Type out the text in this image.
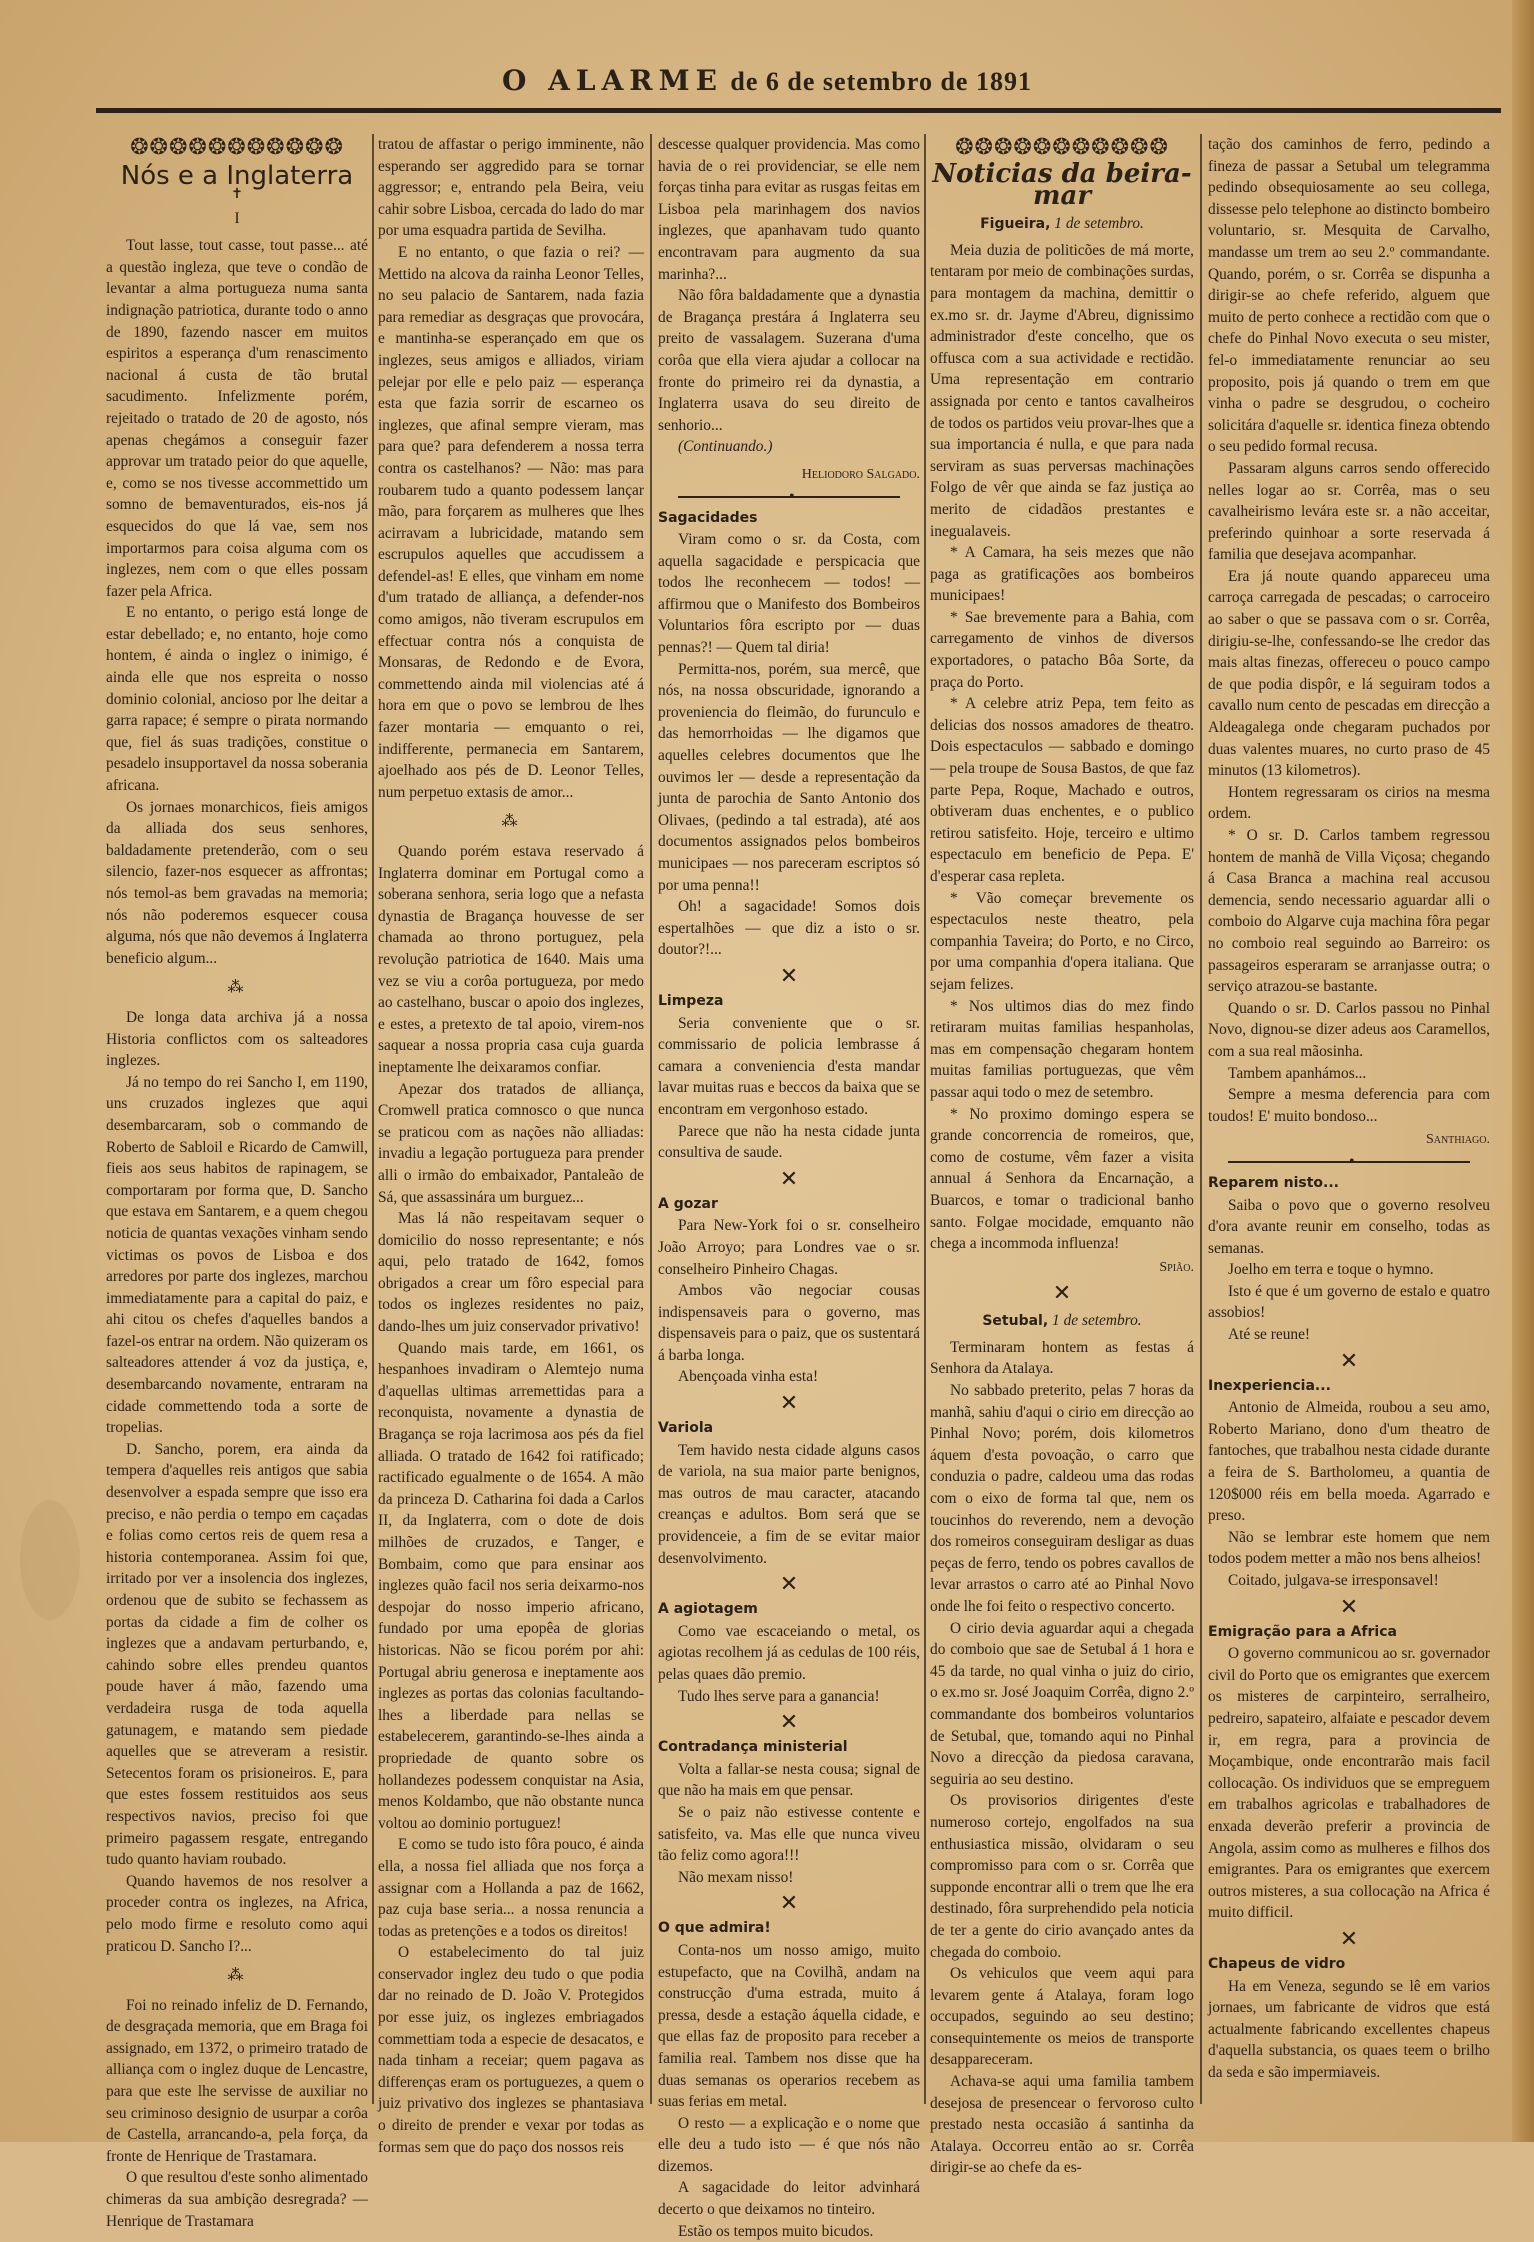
O ALARME de 6 de setembro de 1891
❂❂❂❂❂❂❂❂❂❂❂
Nós e a Inglaterra
✝
I

Tout lasse, tout casse, tout passe... até a questão ingleza, que teve o condão de levantar a alma portugueza numa santa indignação patriotica, durante todo o anno de 1890, fazendo nascer em muitos espiritos a esperança d'um renascimento nacional á custa de tão brutal sacudimento. Infelizmente porém, rejeitado o tratado de 20 de agosto, nós apenas chegámos a conseguir fazer approvar um tratado peior do que aquelle, e, como se nos tivesse accommettido um somno de bemaventurados, eis-nos já esquecidos do que lá vae, sem nos importarmos para coisa alguma com os inglezes, nem com o que elles possam fazer pela Africa.

E no entanto, o perigo está longe de estar debellado; e, no entanto, hoje como hontem, é ainda o inglez o inimigo, é ainda elle que nos espreita o nosso dominio colonial, ancioso por lhe deitar a garra rapace; é sempre o pirata normando que, fiel ás suas tradições, constitue o pesadelo insupportavel da nossa soberania africana.

Os jornaes monarchicos, fieis amigos da alliada dos seus senhores, baldadamente pretenderão, com o seu silencio, fazer-nos esquecer as affrontas; nós temol-as bem gravadas na memoria; nós não poderemos esquecer cousa alguma, nós que não devemos á Inglaterra beneficio algum...

⁂

De longa data archiva já a nossa Historia conflictos com os salteadores inglezes.

Já no tempo do rei Sancho I, em 1190, uns cruzados inglezes que aqui desembarcaram, sob o commando de Roberto de Sabloil e Ricardo de Camwill, fieis aos seus habitos de rapinagem, se comportaram por forma que, D. Sancho que estava em Santarem, e a quem chegou noticia de quantas vexações vinham sendo victimas os povos de Lisboa e dos arredores por parte dos inglezes, marchou immediatamente para a capital do paiz, e ahi citou os chefes d'aquelles bandos a fazel-os entrar na ordem. Não quizeram os salteadores attender á voz da justiça, e, desembarcando novamente, entraram na cidade commettendo toda a sorte de tropelias.

D. Sancho, porem, era ainda da tempera d'aquelles reis antigos que sabia desenvolver a espada sempre que isso era preciso, e não perdia o tempo em caçadas e folias como certos reis de quem resa a historia contemporanea. Assim foi que, irritado por ver a insolencia dos inglezes, ordenou que de subito se fechassem as portas da cidade a fim de colher os inglezes que a andavam perturbando, e, cahindo sobre elles prendeu quantos poude haver á mão, fazendo uma verdadeira rusga de toda aquella gatunagem, e matando sem piedade aquelles que se atreveram a resistir. Setecentos foram os prisioneiros. E, para que estes fossem restituidos aos seus respectivos navios, preciso foi que primeiro pagassem resgate, entregando tudo quanto haviam roubado.

Quando havemos de nos resolver a proceder contra os inglezes, na Africa, pelo modo firme e resoluto como aqui praticou D. Sancho I?...

⁂

Foi no reinado infeliz de D. Fernando, de desgraçada memoria, que em Braga foi assignado, em 1372, o primeiro tratado de alliança com o inglez duque de Lencastre, para que este lhe servisse de auxiliar no seu criminoso designio de usurpar a corôa de Castella, arrancando-a, pela força, da fronte de Henrique de Trastamara.

O que resultou d'este sonho alimentado chimeras da sua ambição desregrada? — Henrique de Trastamara

tratou de affastar o perigo imminente, não esperando ser aggredido para se tornar aggressor; e, entrando pela Beira, veiu cahir sobre Lisboa, cercada do lado do mar por uma esquadra partida de Sevilha.

E no entanto, o que fazia o rei? — Mettido na alcova da rainha Leonor Telles, no seu palacio de Santarem, nada fazia para remediar as desgraças que provocára, e mantinha-se esperançado em que os inglezes, seus amigos e alliados, viriam pelejar por elle e pelo paiz — esperança esta que fazia sorrir de escarneo os inglezes, que afinal sempre vieram, mas para que? para defenderem a nossa terra contra os castelhanos? — Não: mas para roubarem tudo a quanto podessem lançar mão, para forçarem as mulheres que lhes acirravam a lubricidade, matando sem escrupulos aquelles que accudissem a defendel-as! E elles, que vinham em nome d'um tratado de alliança, a defender-nos como amigos, não tiveram escrupulos em effectuar contra nós a conquista de Monsaras, de Redondo e de Evora, commettendo ainda mil violencias até á hora em que o povo se lembrou de lhes fazer montaria — emquanto o rei, indifferente, permanecia em Santarem, ajoelhado aos pés de D. Leonor Telles, num perpetuo extasis de amor...

⁂

Quando porém estava reservado á Inglaterra dominar em Portugal como a soberana senhora, seria logo que a nefasta dynastia de Bragança houvesse de ser chamada ao throno portuguez, pela revolução patriotica de 1640. Mais uma vez se viu a corôa portugueza, por medo ao castelhano, buscar o apoio dos inglezes, e estes, a pretexto de tal apoio, virem-nos saquear a nossa propria casa cuja guarda ineptamente lhe deixaramos confiar.

Apezar dos tratados de alliança, Cromwell pratica comnosco o que nunca se praticou com as nações não alliadas: invadiu a legação portugueza para prender alli o irmão do embaixador, Pantaleão de Sá, que assassinára um burguez...

Mas lá não respeitavam sequer o domicilio do nosso representante; e nós aqui, pelo tratado de 1642, fomos obrigados a crear um fôro especial para todos os inglezes residentes no paiz, dando-lhes um juiz conservador privativo!

Quando mais tarde, em 1661, os hespanhoes invadiram o Alemtejo numa d'aquellas ultimas arremettidas para a reconquista, novamente a dynastia de Bragança se roja lacrimosa aos pés da fiel alliada. O tratado de 1642 foi ratificado; ractificado egualmente o de 1654. A mão da princeza D. Catharina foi dada a Carlos II, da Inglaterra, com o dote de dois milhões de cruzados, e Tanger, e Bombaim, como que para ensinar aos inglezes quão facil nos seria deixarmo-nos despojar do nosso imperio africano, fundado por uma epopêa de glorias historicas. Não se ficou porém por ahi: Portugal abriu generosa e ineptamente aos inglezes as portas das colonias facultando-lhes a liberdade para nellas se estabelecerem, garantindo-se-lhes ainda a propriedade de quanto sobre os hollandezes podessem conquistar na Asia, menos Koldambo, que não obstante nunca voltou ao dominio portuguez!

E como se tudo isto fôra pouco, é ainda ella, a nossa fiel alliada que nos força a assignar com a Hollanda a paz de 1662, paz cuja base seria... a nossa renuncia a todas as pretenções e a todos os direitos!

O estabelecimento do tal juiz conservador inglez deu tudo o que podia dar no reinado de D. João V. Protegidos por esse juiz, os inglezes embriagados commettiam toda a especie de desacatos, e nada tinham a receiar; quem pagava as differenças eram os portuguezes, a quem o juiz privativo dos inglezes se phantasiava o direito de prender e vexar por todas as formas sem que do paço dos nossos reis

descesse qualquer providencia. Mas como havia de o rei providenciar, se elle nem forças tinha para evitar as rusgas feitas em Lisboa pela marinhagem dos navios inglezes, que apanhavam tudo quanto encontravam para augmento da sua marinha?...

Não fôra baldadamente que a dynastia de Bragança prestára á Inglaterra seu preito de vassalagem. Suzerana d'uma corôa que ella viera ajudar a collocar na fronte do primeiro rei da dynastia, a Inglaterra usava do seu direito de senhorio...

(Continuando.)

Heliodoro Salgado.
•

Sagacidades

Viram como o sr. da Costa, com aquella sagacidade e perspicacia que todos lhe reconhecem — todos! — affirmou que o Manifesto dos Bombeiros Voluntarios fôra escripto por — duas pennas?! — Quem tal diria!

Permitta-nos, porém, sua mercê, que nós, na nossa obscuridade, ignorando a proveniencia do fleimão, do furunculo e das hemorrhoidas — lhe digamos que aquelles celebres documentos que lhe ouvimos ler — desde a representação da junta de parochia de Santo Antonio dos Olivaes, (pedindo a tal estrada), até aos documentos assignados pelos bombeiros municipaes — nos pareceram escriptos só por uma penna!!

Oh! a sagacidade! Somos dois espertalhões — que diz a isto o sr. doutor?!...

✕

Limpeza

Seria conveniente que o sr. commissario de policia lembrasse á camara a conveniencia d'esta mandar lavar muitas ruas e beccos da baixa que se encontram em vergonhoso estado.

Parece que não ha nesta cidade junta consultiva de saude.

✕

A gozar

Para New-York foi o sr. conselheiro João Arroyo; para Londres vae o sr. conselheiro Pinheiro Chagas.

Ambos vão negociar cousas indispensaveis para o governo, mas dispensaveis para o paiz, que os sustentará á barba longa.

Abençoada vinha esta!

✕

Variola

Tem havido nesta cidade alguns casos de variola, na sua maior parte benignos, mas outros de mau caracter, atacando creanças e adultos. Bom será que se providenceie, a fim de se evitar maior desenvolvimento.

✕

A agiotagem

Como vae escaceiando o metal, os agiotas recolhem já as cedulas de 100 réis, pelas quaes dão premio.

Tudo lhes serve para a ganancia!

✕

Contradança ministerial

Volta a fallar-se nesta cousa; signal de que não ha mais em que pensar.

Se o paiz não estivesse contente e satisfeito, va. Mas elle que nunca viveu tão feliz como agora!!!

Não mexam nisso!

✕

O que admira!

Conta-nos um nosso amigo, muito estupefacto, que na Covilhã, andam na construcção d'uma estrada, muito á pressa, desde a estação áquella cidade, e que ellas faz de proposito para receber a familia real. Tambem nos disse que ha duas semanas os operarios recebem as suas ferias em metal.

O resto — a explicação e o nome que elle deu a tudo isto — é que nós não dizemos.

A sagacidade do leitor advinhará decerto o que deixamos no tinteiro.

Estão os tempos muito bicudos.

❂❂❂❂❂❂❂❂❂❂❂
Noticias da beira-mar
Figueira, 1 de setembro.

Meia duzia de politicões de má morte, tentaram por meio de combinações surdas, para montagem da machina, demittir o ex.mo sr. dr. Jayme d'Abreu, dignissimo administrador d'este concelho, que os offusca com a sua actividade e rectidão. Uma representação em contrario assignada por cento e tantos cavalheiros de todos os partidos veiu provar-lhes que a sua importancia é nulla, e que para nada serviram as suas perversas machinações Folgo de vêr que ainda se faz justiça ao merito de cidadãos prestantes e inegualaveis.

* A Camara, ha seis mezes que não paga as gratificações aos bombeiros municipaes!

* Sae brevemente para a Bahia, com carregamento de vinhos de diversos exportadores, o patacho Bôa Sorte, da praça do Porto.

* A celebre atriz Pepa, tem feito as delicias dos nossos amadores de theatro. Dois espectaculos — sabbado e domingo — pela troupe de Sousa Bastos, de que faz parte Pepa, Roque, Machado e outros, obtiveram duas enchentes, e o publico retirou satisfeito. Hoje, terceiro e ultimo espectaculo em beneficio de Pepa. E' d'esperar casa repleta.

* Vão começar brevemente os espectaculos neste theatro, pela companhia Taveira; do Porto, e no Circo, por uma companhia d'opera italiana. Que sejam felizes.

* Nos ultimos dias do mez findo retiraram muitas familias hespanholas, mas em compensação chegaram hontem muitas familias portuguezas, que vêm passar aqui todo o mez de setembro.

* No proximo domingo espera se grande concorrencia de romeiros, que, como de costume, vêm fazer a visita annual á Senhora da Encarnação, a Buarcos, e tomar o tradicional banho santo. Folgae mocidade, emquanto não chega a incommoda influenza!

Spião.
✕
Setubal, 1 de setembro.

Terminaram hontem as festas á Senhora da Atalaya.

No sabbado preterito, pelas 7 horas da manhã, sahiu d'aqui o cirio em direcção ao Pinhal Novo; porém, dois kilometros áquem d'esta povoação, o carro que conduzia o padre, caldeou uma das rodas com o eixo de forma tal que, nem os toucinhos do reverendo, nem a devoção dos romeiros conseguiram desligar as duas peças de ferro, tendo os pobres cavallos de levar arrastos o carro até ao Pinhal Novo onde lhe foi feito o respectivo concerto.

O cirio devia aguardar aqui a chegada do comboio que sae de Setubal á 1 hora e 45 da tarde, no qual vinha o juiz do cirio, o ex.mo sr. José Joaquim Corrêa, digno 2.º commandante dos bombeiros voluntarios de Setubal, que, tomando aqui no Pinhal Novo a direcção da piedosa caravana, seguiria ao seu destino.

Os provisorios dirigentes d'este numeroso cortejo, engolfados na sua enthusiastica missão, olvidaram o seu compromisso para com o sr. Corrêa que supponde encontrar alli o trem que lhe era destinado, fôra surprehendido pela noticia de ter a gente do cirio avançado antes da chegada do comboio.

Os vehiculos que veem aqui para levarem gente á Atalaya, foram logo occupados, seguindo ao seu destino; consequintemente os meios de transporte desappareceram.

Achava-se aqui uma familia tambem desejosa de presencear o fervoroso culto prestado nesta occasião á santinha da Atalaya. Occorreu então ao sr. Corrêa dirigir-se ao chefe da es-

tação dos caminhos de ferro, pedindo a fineza de passar a Setubal um telegramma pedindo obsequiosamente ao seu collega, dissesse pelo telephone ao distincto bombeiro voluntario, sr. Mesquita de Carvalho, mandasse um trem ao seu 2.º commandante. Quando, porém, o sr. Corrêa se dispunha a dirigir-se ao chefe referido, alguem que muito de perto conhece a rectidão com que o chefe do Pinhal Novo executa o seu mister, fel-o immediatamente renunciar ao seu proposito, pois já quando o trem em que vinha o padre se desgrudou, o cocheiro solicitára d'aquelle sr. identica fineza obtendo o seu pedido formal recusa.

Passaram alguns carros sendo offerecido nelles logar ao sr. Corrêa, mas o seu cavalheirismo levára este sr. a não acceitar, preferindo quinhoar a sorte reservada á familia que desejava acompanhar.

Era já noute quando appareceu uma carroça carregada de pescadas; o carroceiro ao saber o que se passava com o sr. Corrêa, dirigiu-se-lhe, confessando-se lhe credor das mais altas finezas, offereceu o pouco campo de que podia dispôr, e lá seguiram todos a cavallo num cento de pescadas em direcção a Aldeagalega onde chegaram puchados por duas valentes muares, no curto praso de 45 minutos (13 kilometros).

Hontem regressaram os cirios na mesma ordem.

* O sr. D. Carlos tambem regressou hontem de manhã de Villa Viçosa; chegando á Casa Branca a machina real accusou demencia, sendo necessario aguardar alli o comboio do Algarve cuja machina fôra pegar no comboio real seguindo ao Barreiro: os passageiros esperaram se arranjasse outra; o serviço atrazou-se bastante.

Quando o sr. D. Carlos passou no Pinhal Novo, dignou-se dizer adeus aos Caramellos, com a sua real mãosinha.

Tambem apanhámos...

Sempre a mesma deferencia para com toudos! E' muito bondoso...

Santhiago.
•

Reparem nisto...

Saiba o povo que o governo resolveu d'ora avante reunir em conselho, todas as semanas.

Joelho em terra e toque o hymno.

Isto é que é um governo de estalo e quatro assobios!

Até se reune!

✕

Inexperiencia...

Antonio de Almeida, roubou a seu amo, Roberto Mariano, dono d'um theatro de fantoches, que trabalhou nesta cidade durante a feira de S. Bartholomeu, a quantia de 120$000 réis em bella moeda. Agarrado e preso.

Não se lembrar este homem que nem todos podem metter a mão nos bens alheios!

Coitado, julgava-se irresponsavel!

✕

Emigração para a Africa

O governo communicou ao sr. governador civil do Porto que os emigrantes que exercem os misteres de carpinteiro, serralheiro, pedreiro, sapateiro, alfaiate e pescador devem ir, em regra, para a provincia de Moçambique, onde encontrarão mais facil collocação. Os individuos que se empreguem em trabalhos agricolas e trabalhadores de enxada deverão preferir a provincia de Angola, assim como as mulheres e filhos dos emigrantes. Para os emigrantes que exercem outros misteres, a sua collocação na Africa é muito difficil.

✕

Chapeus de vidro

Ha em Veneza, segundo se lê em varios jornaes, um fabricante de vidros que está actualmente fabricando excellentes chapeus d'aquella substancia, os quaes teem o brilho da seda e são impermiaveis.
